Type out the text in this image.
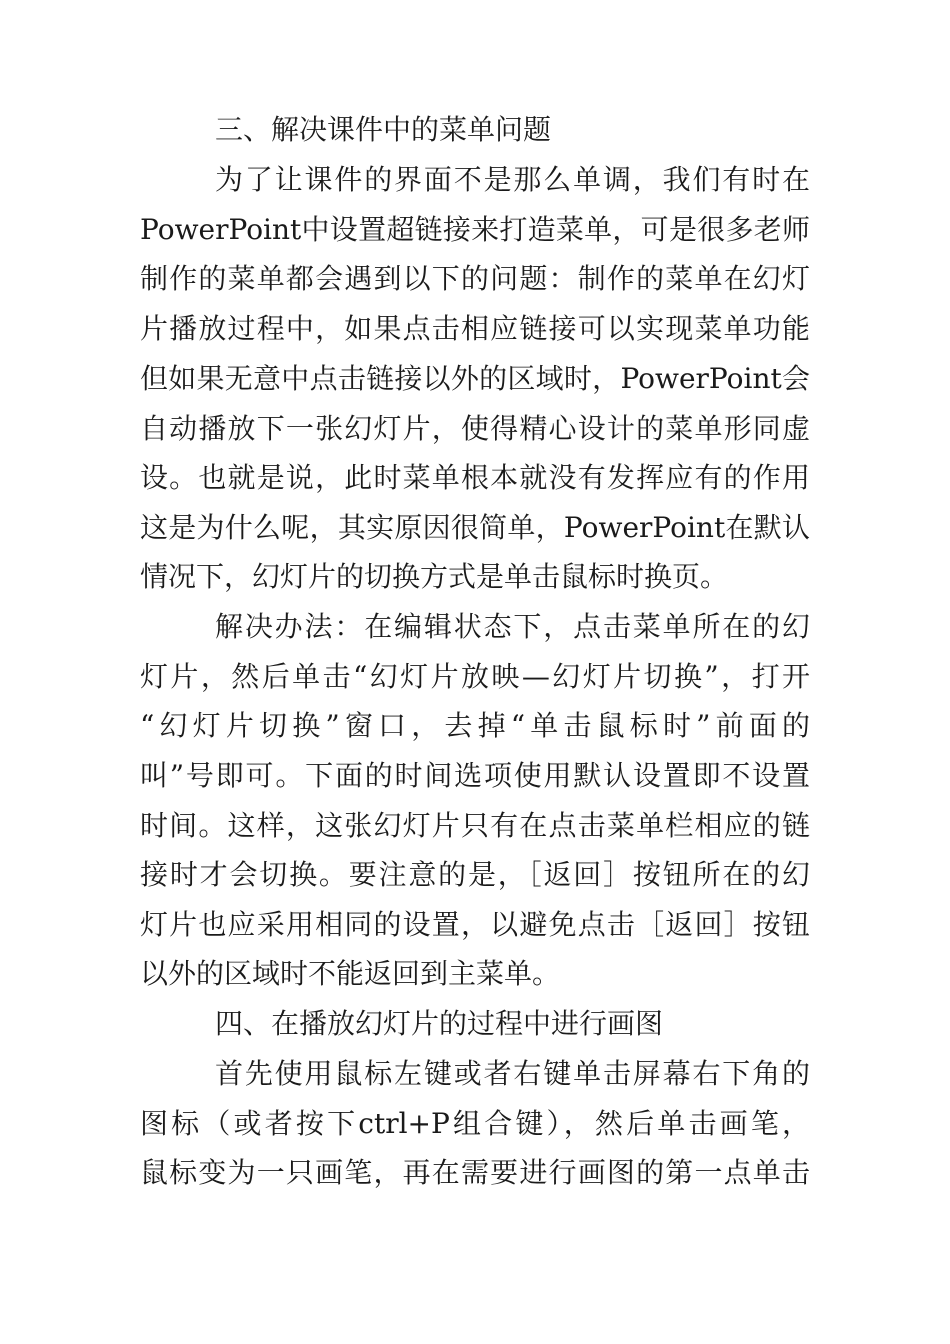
三、解决课件中的菜单问题
为了让课件的界面不是那么单调，我们有时在
PowerPoint中设置超链接来打造菜单，可是很多老师
制作的菜单都会遇到以下的问题：制作的菜单在幻灯
片播放过程中，如果点击相应链接可以实现菜单功能
但如果无意中点击链接以外的区域时，PowerPoint会
自动播放下一张幻灯片，使得精心设计的菜单形同虚
设。也就是说，此时菜单根本就没有发挥应有的作用
这是为什么呢，其实原因很简单，PowerPoint在默认
情况下，幻灯片的切换方式是单击鼠标时换页。
解决办法：在编辑状态下，点击菜单所在的幻
灯片，然后单击“幻灯片放映—幻灯片切换”，打开
“幻灯片切换”窗口，去掉“单击鼠标时”前面的
叫”号即可。下面的时间选项使用默认设置即不设置
时间。这样，这张幻灯片只有在点击菜单栏相应的链
接时才会切换。要注意的是，［返回］按钮所在的幻
灯片也应采用相同的设置，以避免点击［返回］按钮
以外的区域时不能返回到主菜单。
四、在播放幻灯片的过程中进行画图
首先使用鼠标左键或者右键单击屏幕右下角的
图标（或者按下ctrl+P组合键），然后单击画笔，
鼠标变为一只画笔，再在需要进行画图的第一点单击
